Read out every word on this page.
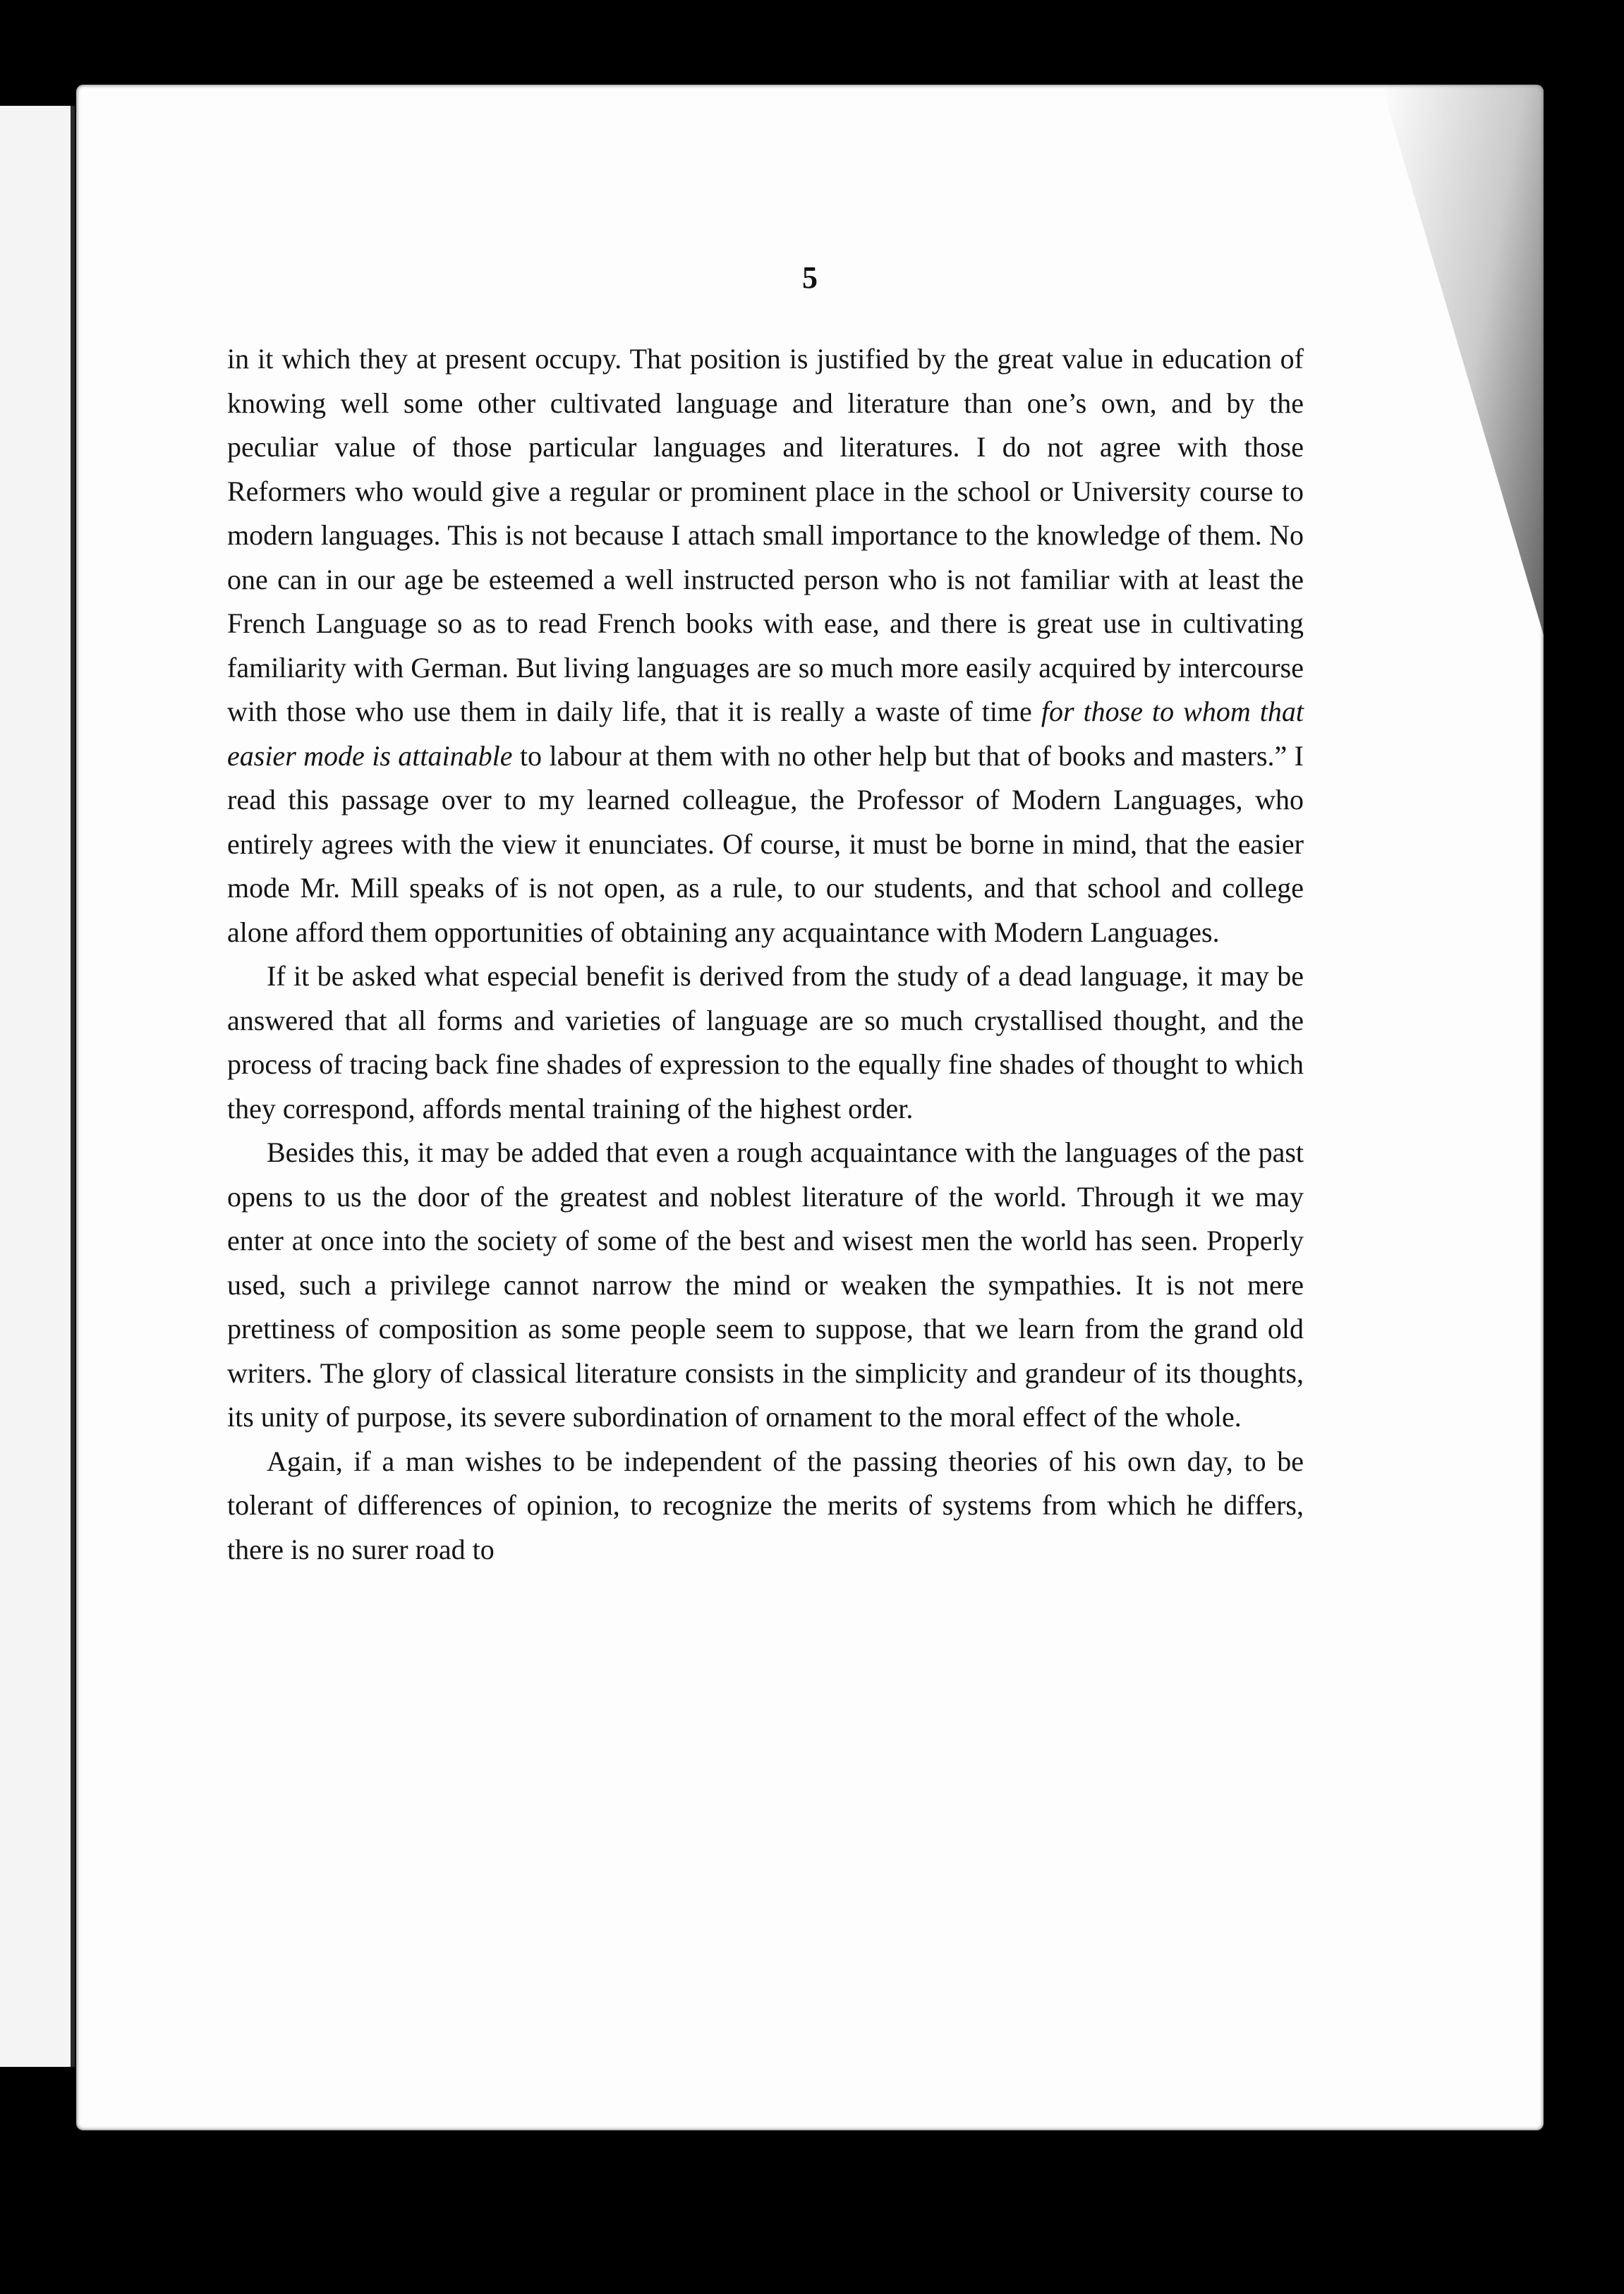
5

in it which they at present occupy. That position is justified by the great value in education of knowing well some other cultivated language and literature than one’s own, and by the peculiar value of those particular languages and literatures. I do not agree with those Reformers who would give a regular or prominent place in the school or University course to modern languages. This is not because I attach small importance to the knowledge of them. No one can in our age be esteemed a well instructed person who is not familiar with at least the French Language so as to read French books with ease, and there is great use in cultivating familiarity with German. But living languages are so much more easily acquired by intercourse with those who use them in daily life, that it is really a waste of time for those to whom that easier mode is attainable to labour at them with no other help but that of books and masters.” I read this passage over to my learned colleague, the Professor of Modern Languages, who entirely agrees with the view it enunciates. Of course, it must be borne in mind, that the easier mode Mr. Mill speaks of is not open, as a rule, to our students, and that school and college alone afford them opportunities of obtaining any acquaintance with Modern Languages.

If it be asked what especial benefit is derived from the study of a dead language, it may be answered that all forms and varieties of language are so much crystallised thought, and the process of tracing back fine shades of expression to the equally fine shades of thought to which they correspond, affords mental training of the highest order.

Besides this, it may be added that even a rough acquaintance with the languages of the past opens to us the door of the greatest and noblest literature of the world. Through it we may enter at once into the society of some of the best and wisest men the world has seen. Properly used, such a privilege cannot narrow the mind or weaken the sympathies. It is not mere prettiness of composition as some people seem to suppose, that we learn from the grand old writers. The glory of classical literature consists in the simplicity and grandeur of its thoughts, its unity of purpose, its severe subordination of ornament to the moral effect of the whole.

Again, if a man wishes to be independent of the passing theories of his own day, to be tolerant of differences of opinion, to recognize the merits of systems from which he differs, there is no surer road to
